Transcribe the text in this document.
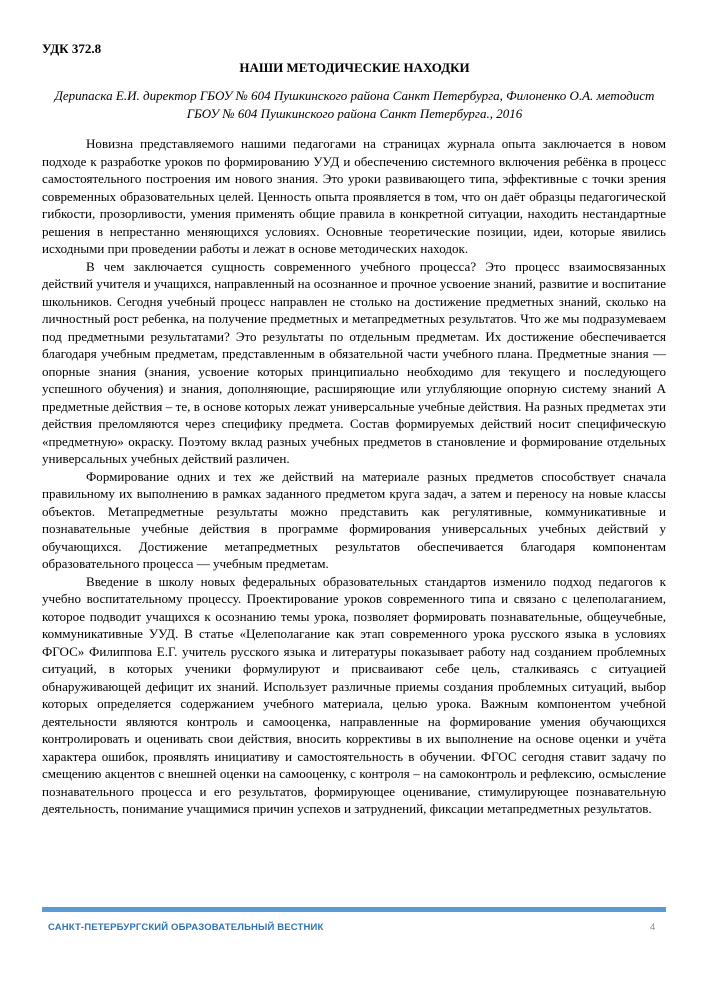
УДК 372.8
НАШИ МЕТОДИЧЕСКИЕ НАХОДКИ
Дерипаска Е.И. директор ГБОУ № 604 Пушкинского района Санкт Петербурга, Филоненко О.А. методист ГБОУ № 604 Пушкинского района Санкт Петербурга., 2016

Новизна представляемого нашими педагогами на страницах журнала опыта заключается в новом подходе к разработке уроков по формированию УУД и обеспечению системного включения ребёнка в процесс самостоятельного построения им нового знания. Это уроки развивающего типа, эффективные с точки зрения современных образовательных целей. Ценность опыта проявляется в том, что он даёт образцы педагогической гибкости, прозорливости, умения применять общие правила в конкретной ситуации, находить нестандартные решения в непрестанно меняющихся условиях. Основные теоретические позиции, идеи, которые явились исходными при проведении работы и лежат в основе методических находок.

В чем заключается сущность современного учебного процесса? Это процесс взаимосвязанных действий учителя и учащихся, направленный на осознанное и прочное усвоение знаний, развитие и воспитание школьников. Сегодня учебный процесс направлен не столько на достижение предметных знаний, сколько на личностный рост ребенка, на получение предметных и метапредметных результатов. Что же мы подразумеваем под предметными результатами? Это результаты по отдельным предметам. Их достижение обеспечивается благодаря учебным предметам, представленным в обязательной части учебного плана. Предметные знания — опорные знания (знания, усвоение которых принципиально необходимо для текущего и последующего успешного обучения) и знания, дополняющие, расширяющие или углубляющие опорную систему знаний А предметные действия – те, в основе которых лежат универсальные учебные действия. На разных предметах эти действия преломляются через специфику предмета. Состав формируемых действий носит специфическую «предметную» окраску. Поэтому вклад разных учебных предметов в становление и формирование отдельных универсальных учебных действий различен.

Формирование одних и тех же действий на материале разных предметов способствует сначала правильному их выполнению в рамках заданного предметом круга задач, а затем и переносу на новые классы объектов. Метапредметные результаты можно представить как регулятивные, коммуникативные и познавательные учебные действия в программе формирования универсальных учебных действий у обучающихся. Достижение метапредметных результатов обеспечивается благодаря компонентам образовательного процесса — учебным предметам.

Введение в школу новых федеральных образовательных стандартов изменило подход педагогов к учебно воспитательному процессу. Проектирование уроков современного типа и связано с целеполаганием, которое подводит учащихся к осознанию темы урока, позволяет формировать познавательные, общеучебные, коммуникативные УУД. В статье «Целеполагание как этап современного урока русского языка в условиях ФГОС» Филиппова Е.Г. учитель русского языка и литературы показывает работу над созданием проблемных ситуаций, в которых ученики формулируют и присваивают себе цель, сталкиваясь с ситуацией обнаруживающей дефицит их знаний. Использует различные приемы создания проблемных ситуаций, выбор которых определяется содержанием учебного материала, целью урока. Важным компонентом учебной деятельности являются контроль и самооценка, направленные на формирование умения обучающихся контролировать и оценивать свои действия, вносить коррективы в их выполнение на основе оценки и учёта характера ошибок, проявлять инициативу и самостоятельность в обучении. ФГОС сегодня ставит задачу по смещению акцентов с внешней оценки на самооценку, с контроля – на самоконтроль и рефлексию, осмысление познавательного процесса и его результатов, формирующее оценивание, стимулирующее познавательную деятельность, понимание учащимися причин успехов и затруднений, фиксации метапредметных результатов.

САНКТ-ПЕТЕРБУРГСКИЙ ОБРАЗОВАТЕЛЬНЫЙ ВЕСТНИК	4
